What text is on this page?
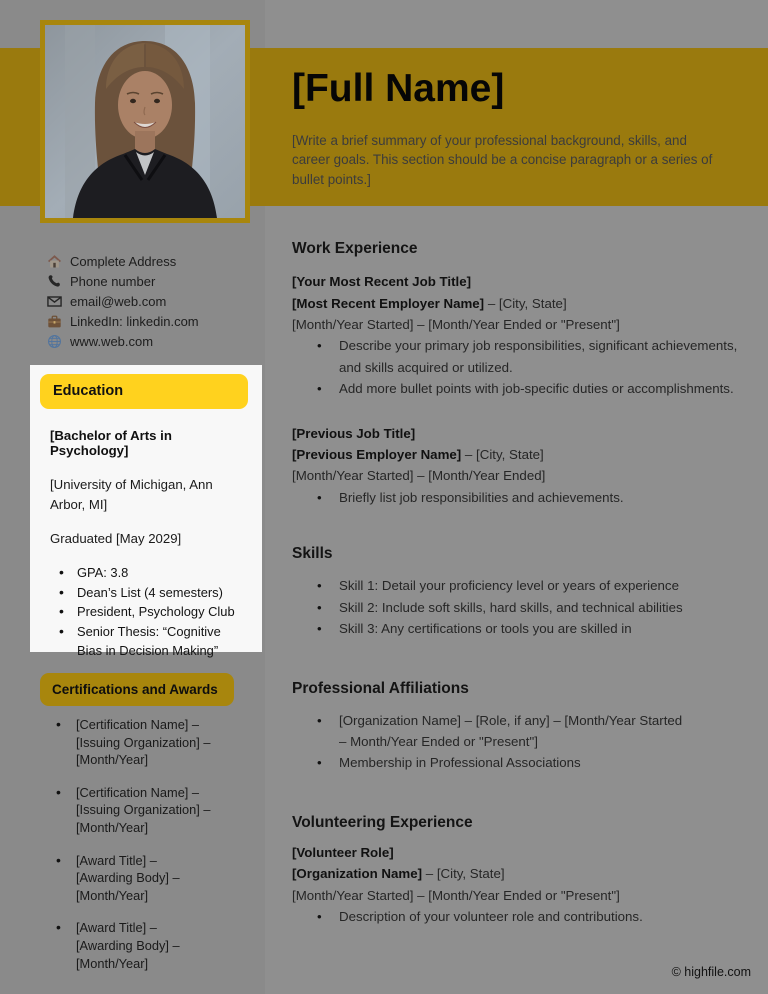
Complete Address
Phone number
email@web.com
LinkedIn: linkedin.com
www.web.com
Education
[Bachelor of Arts in Psychology]
[University of Michigan, Ann Arbor, MI]
Graduated [May 2029]
• GPA: 3.8
• Dean’s List (4 semesters)
• President, Psychology Club
• Senior Thesis: “Cognitive Bias in Decision Making”
Certifications and Awards
• [Certification Name] – [Issuing Organization] – [Month/Year]
• [Certification Name] – [Issuing Organization] – [Month/Year]
• [Award Title] – [Awarding Body] – [Month/Year]
• [Award Title] – [Awarding Body] – [Month/Year]
[Full Name]
[Write a brief summary of your professional background, skills, and career goals. This section should be a concise paragraph or a series of bullet points.]
Work Experience
[Your Most Recent Job Title]
[Most Recent Employer Name] – [City, State]
[Month/Year Started] – [Month/Year Ended or "Present"]
• Describe your primary job responsibilities, significant achievements, and skills acquired or utilized.
• Add more bullet points with job-specific duties or accomplishments.
[Previous Job Title]
[Previous Employer Name] – [City, State]
[Month/Year Started] – [Month/Year Ended]
• Briefly list job responsibilities and achievements.
Skills
• Skill 1: Detail your proficiency level or years of experience
• Skill 2: Include soft skills, hard skills, and technical abilities
• Skill 3: Any certifications or tools you are skilled in
Professional Affiliations
• [Organization Name] – [Role, if any] – [Month/Year Started – Month/Year Ended or "Present"]
• Membership in Professional Associations
Volunteering Experience
[Volunteer Role]
[Organization Name] – [City, State]
[Month/Year Started] – [Month/Year Ended or "Present"]
• Description of your volunteer role and contributions.
© highfile.com
